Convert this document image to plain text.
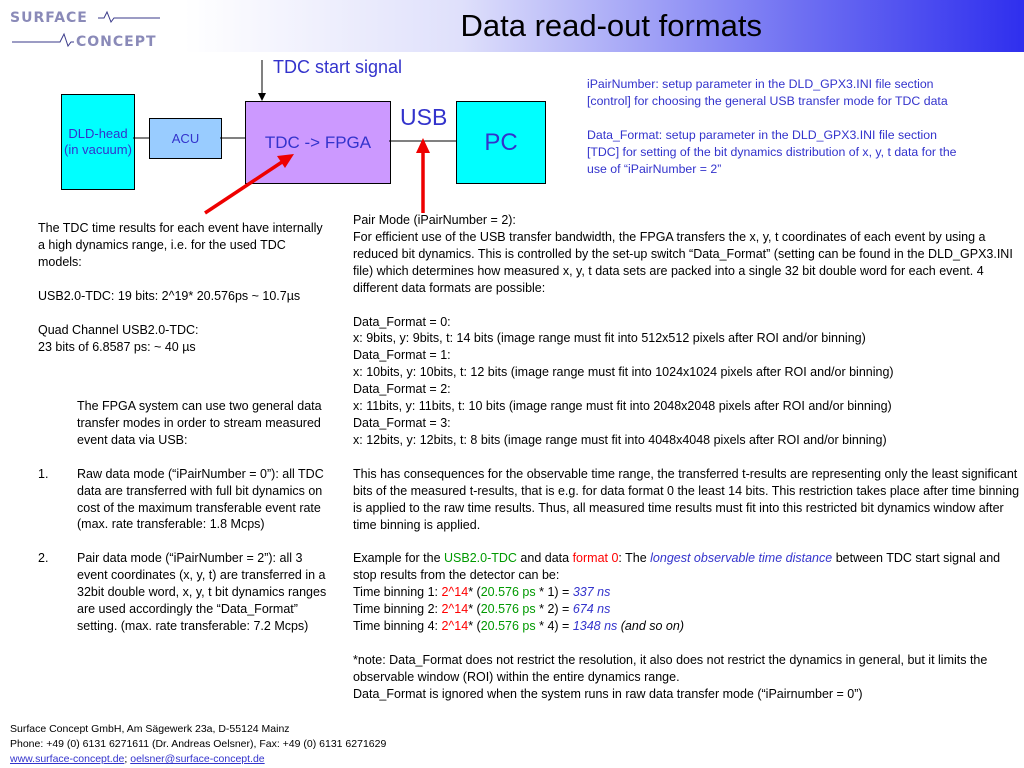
SURFACE
CONCEPT	Data read-out formats
DLD-head
(in vacuum)
ACU	TDC -> FPGA	PC
TDC start signal
USB

iPairNumber: setup parameter in the DLD_GPX3.INI file section [control] for choosing the general USB transfer mode for TDC data

Data_Format: setup parameter in the DLD_GPX3.INI file section [TDC] for setting of the bit dynamics distribution of x, y, t data for the use of “iPairNumber = 2”

The TDC time results for each event have internally a high dynamics range, i.e. for the used TDC models:

USB2.0-TDC: 19 bits: 2^19* 20.576ps ~ 10.7µs

Quad Channel USB2.0-TDC:

23 bits of 6.8587 ps: ~ 40 µs

The FPGA system can use two general data transfer modes in order to stream measured event data via USB:

1. Raw data mode (“iPairNumber = 0”): all TDC data are transferred with full bit dynamics on cost of the maximum transferable event rate (max. rate transferable: 1.8 Mcps)

2. Pair data mode (“iPairNumber = 2”): all 3 event coordinates (x, y, t) are transferred in a 32bit double word, x, y, t bit dynamics ranges are used accordingly the “Data_Format” setting. (max. rate transferable: 7.2 Mcps)

Pair Mode (iPairNumber = 2):

For efficient use of the USB transfer bandwidth, the FPGA transfers the x, y, t coordinates of each event by using a reduced bit dynamics. This is controlled by the set-up switch “Data_Format” (setting can be found in the DLD_GPX3.INI file) which determines how measured x, y, t data sets are packed into a single 32 bit double word for each event. 4 different data formats are possible:

Data_Format = 0:

x: 9bits, y: 9bits, t: 14 bits (image range must fit into 512x512 pixels after ROI and/or binning)

Data_Format = 1:

x: 10bits, y: 10bits, t: 12 bits (image range must fit into 1024x1024 pixels after ROI and/or binning)

Data_Format = 2:

x: 11bits, y: 11bits, t: 10 bits (image range must fit into 2048x2048 pixels after ROI and/or binning)

Data_Format = 3:

x: 12bits, y: 12bits, t: 8 bits (image range must fit into 4048x4048 pixels after ROI and/or binning)

This has consequences for the observable time range, the transferred t-results are representing only the least significant bits of the measured t-results, that is e.g. for data format 0 the least 14 bits. This restriction takes place after time binning is applied to the raw time results. Thus, all measured time results must fit into this restricted bit dynamics window after time binning is applied.

Example for the USB2.0-TDC and data format 0: The longest observable time distance between TDC start signal and stop results from the detector can be:

Time binning 1: 2^14* (20.576 ps * 1) = 337 ns

Time binning 2: 2^14* (20.576 ps * 2) = 674 ns

Time binning 4: 2^14* (20.576 ps * 4) = 1348 ns (and so on)

*note: Data_Format does not restrict the resolution, it also does not restrict the dynamics in general, but it limits the observable window (ROI) within the entire dynamics range.

Data_Format is ignored when the system runs in raw data transfer mode (“iPairnumber = 0”)

Surface Concept GmbH, Am Sägewerk 23a, D-55124 Mainz
Phone: +49 (0) 6131 6271611 (Dr. Andreas Oelsner), Fax: +49 (0) 6131 6271629
www.surface-concept.de; oelsner@surface-concept.de
